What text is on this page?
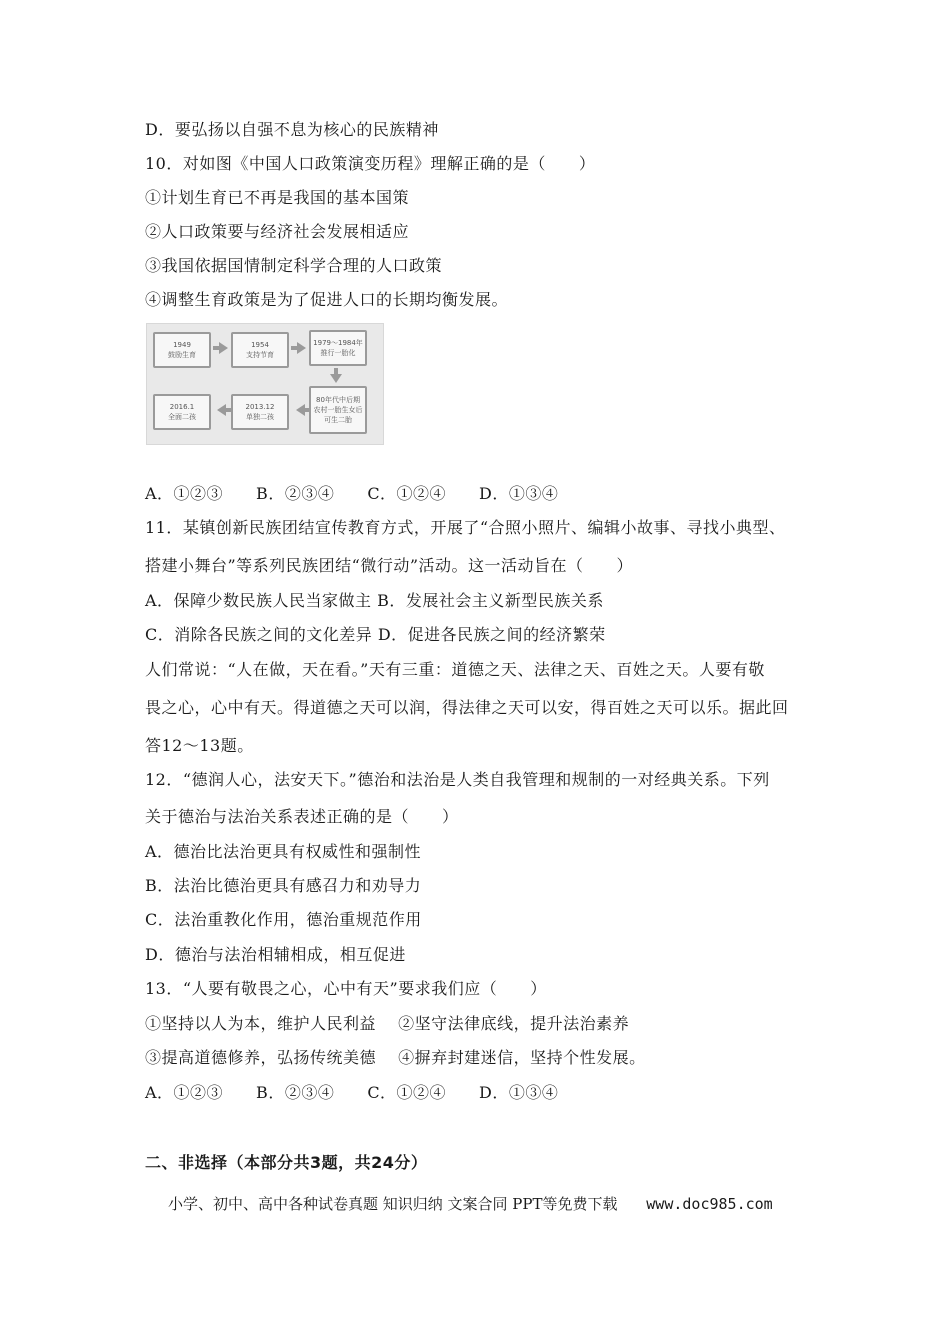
D．要弘扬以自强不息为核心的民族精神
10．对如图《中国人口政策演变历程》理解正确的是（　　）
①计划生育已不再是我国的基本国策
②人口政策要与经济社会发展相适应
③我国依据国情制定科学合理的人口政策
④调整生育政策是为了促进人口的长期均衡发展。
1949
鼓励生育
1954
支持节育
1979～1984年
推行一胎化
80年代中后期
农村一胎生女后可生二胎
2013.12
单独二孩
2016.1
全面二孩
A．①②③　　B．②③④　　C．①②④　　D．①③④
11．某镇创新民族团结宣传教育方式，开展了“合照小照片、编辑小故事、寻找小典型、
搭建小舞台”等系列民族团结“微行动”活动。这一活动旨在（　　）
A．保障少数民族人民当家做主 B．发展社会主义新型民族关系
C．消除各民族之间的文化差异 D．促进各民族之间的经济繁荣
人们常说：“人在做，天在看。”天有三重：道德之天、法律之天、百姓之天。人要有敬
畏之心，心中有天。得道德之天可以润，得法律之天可以安，得百姓之天可以乐。据此回
答12～13题。
12．“德润人心，法安天下。”德治和法治是人类自我管理和规制的一对经典关系。下列
关于德治与法治关系表述正确的是（　　）
A．德治比法治更具有权威性和强制性
B．法治比德治更具有感召力和劝导力
C．法治重教化作用，德治重规范作用
D．德治与法治相辅相成，相互促进
13．“人要有敬畏之心，心中有天”要求我们应（　　）
①坚持以人为本，维护人民利益　 ②坚守法律底线，提升法治素养
③提高道德修养，弘扬传统美德　 ④摒弃封建迷信，坚持个性发展。
A．①②③　　B．②③④　　C．①②④　　D．①③④
二、非选择（本部分共3题，共24分）
小学、初中、高中各种试卷真题 知识归纳 文案合同 PPT等免费下载 www.doc985.com
